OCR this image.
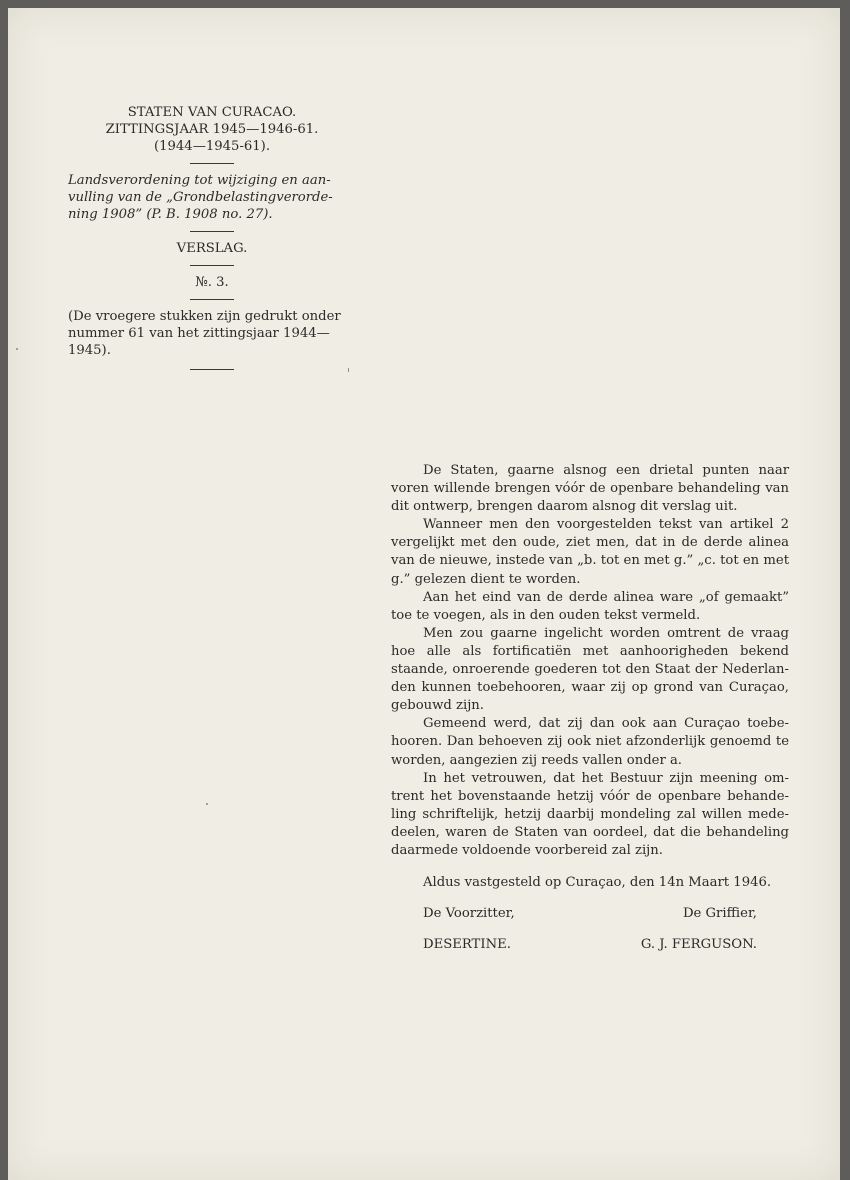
STATEN VAN CURACAO.
ZITTINGSJAAR 1945—1946-61.
(1944—1945-61).
Landsverordening tot wijziging en aan-
vulling van de „Grondbelastingverorde-
ning 1908” (P. B. 1908 no. 27).
VERSLAG.
№. 3.
(De vroegere stukken zijn gedrukt onder
nummer 61 van het zittingsjaar 1944—
1945).
De Staten, gaarne alsnog een drietal punten naar
voren willende brengen vóór de openbare behandeling van
dit ontwerp, brengen daarom alsnog dit verslag uit.
Wanneer men den voorgestelden tekst van artikel 2
vergelijkt met den oude, ziet men, dat in de derde alinea
van de nieuwe, instede van „b. tot en met g.” „c. tot en met
g.” gelezen dient te worden.
Aan het eind van de derde alinea ware „of gemaakt”
toe te voegen, als in den ouden tekst vermeld.
Men zou gaarne ingelicht worden omtrent de vraag
hoe alle als fortificatiën met aanhoorigheden bekend
staande, onroerende goederen tot den Staat der Nederlan-
den kunnen toebehooren, waar zij op grond van Curaçao,
gebouwd zijn.
Gemeend werd, dat zij dan ook aan Curaçao toebe-
hooren. Dan behoeven zij ook niet afzonderlijk genoemd te
worden, aangezien zij reeds vallen onder a.
In het vetrouwen, dat het Bestuur zijn meening om-
trent het bovenstaande hetzij vóór de openbare behande-
ling schriftelijk, hetzij daarbij mondeling zal willen mede-
deelen, waren de Staten van oordeel, dat die behandeling
daarmede voldoende voorbereid zal zijn.
Aldus vastgesteld op Curaçao, den 14n Maart 1946.
De Voorzitter,	De Griffier,
DESERTINE.	G. J. FERGUSON.
